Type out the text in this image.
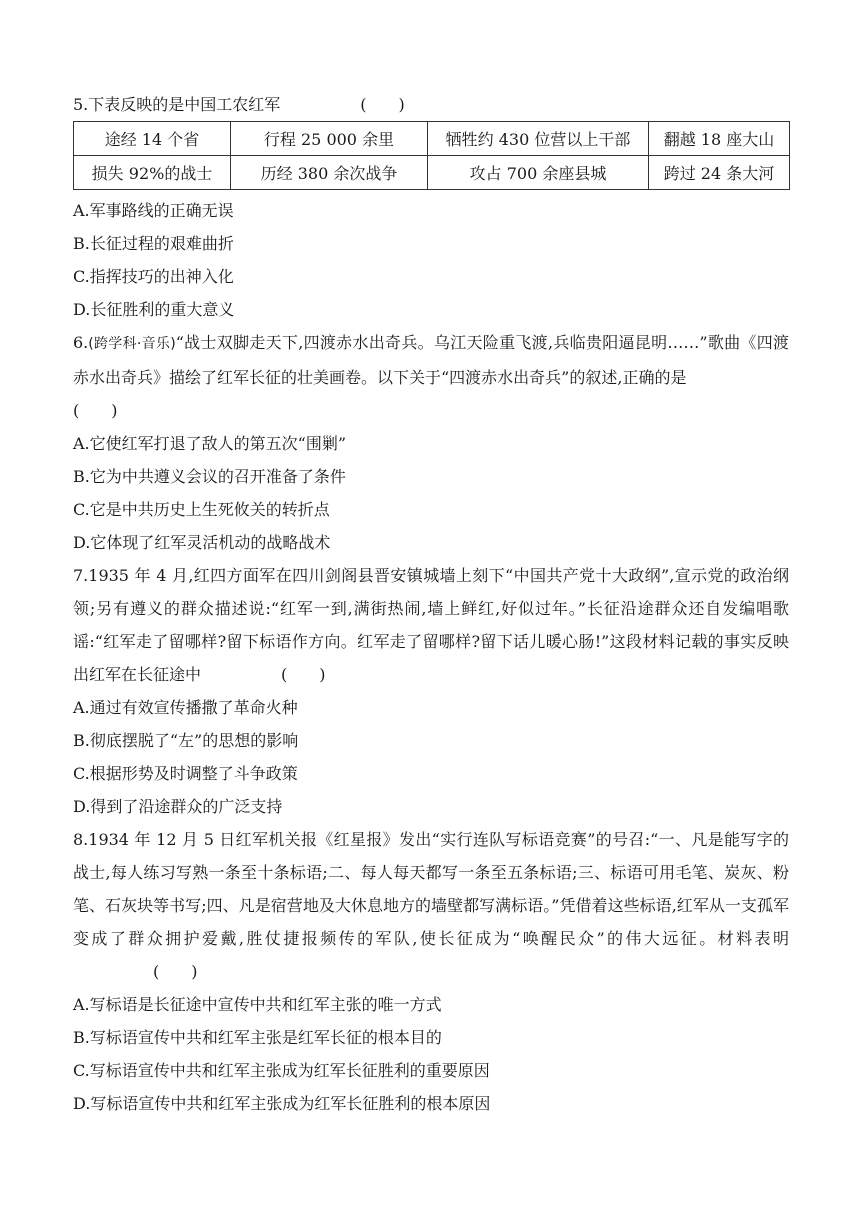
5.下表反映的是中国工农红军	(　　)
途经 14 个省	行程 25 000 余里	牺牲约 430 位营以上干部	翻越 18 座大山
损失 92%的战士	历经 380 余次战争	攻占 700 余座县城	跨过 24 条大河
A.军事路线的正确无误
B.长征过程的艰难曲折
C.指挥技巧的出神入化
D.长征胜利的重大意义
6.(跨学科·音乐)“战士双脚走天下,四渡赤水出奇兵。乌江天险重飞渡,兵临贵阳逼昆明……”歌曲《四渡赤水出奇兵》描绘了红军长征的壮美画卷。以下关于“四渡赤水出奇兵”的叙述,正确的是
(　　)
A.它使红军打退了敌人的第五次“围剿”
B.它为中共遵义会议的召开准备了条件
C.它是中共历史上生死攸关的转折点
D.它体现了红军灵活机动的战略战术
7.1935 年 4 月,红四方面军在四川剑阁县晋安镇城墙上刻下“中国共产党十大政纲”,宣示党的政治纲领;另有遵义的群众描述说:“红军一到,满街热闹,墙上鲜红,好似过年。”长征沿途群众还自发编唱歌谣:“红军走了留哪样?留下标语作方向。红军走了留哪样?留下话儿暖心肠!”这段材料记载的事实反映出红军在长征途中	(　　)
A.通过有效宣传播撒了革命火种
B.彻底摆脱了“左”的思想的影响
C.根据形势及时调整了斗争政策
D.得到了沿途群众的广泛支持
8.1934 年 12 月 5 日红军机关报《红星报》发出“实行连队写标语竞赛”的号召:“一、凡是能写字的战士,每人练习写熟一条至十条标语;二、每人每天都写一条至五条标语;三、标语可用毛笔、炭灰、粉笔、石灰块等书写;四、凡是宿营地及大休息地方的墙壁都写满标语。”凭借着这些标语,红军从一支孤军变成了群众拥护爱戴,胜仗捷报频传的军队,使长征成为“唤醒民众”的伟大远征。材料表明(　　)
A.写标语是长征途中宣传中共和红军主张的唯一方式
B.写标语宣传中共和红军主张是红军长征的根本目的
C.写标语宣传中共和红军主张成为红军长征胜利的重要原因
D.写标语宣传中共和红军主张成为红军长征胜利的根本原因
